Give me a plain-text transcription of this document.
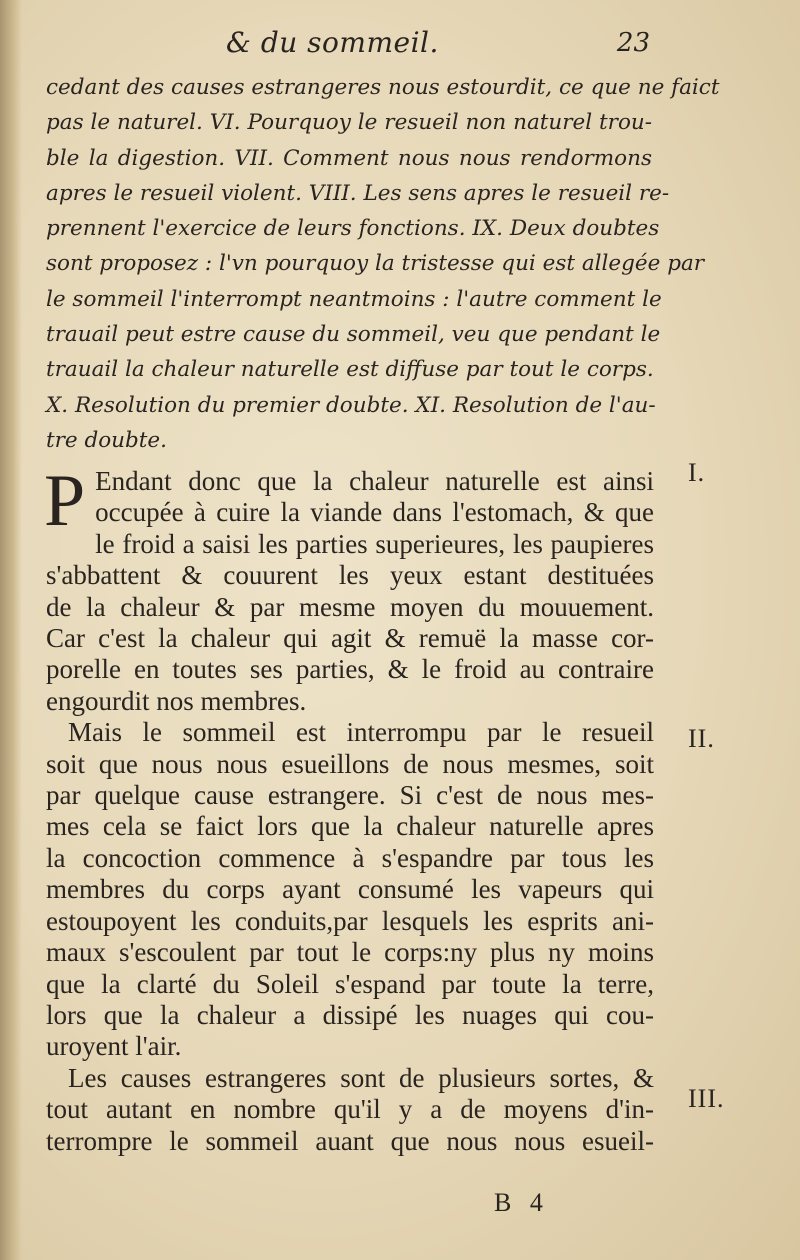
& du sommeil.	23
cedant des causes estrangeres nous estourdit, ce que ne faict
pas le naturel. VI. Pourquoy le resueil non naturel trou-
ble la digestion. VII. Comment nous nous rendormons
apres le resueil violent. VIII. Les sens apres le resueil re-
prennent l'exercice de leurs fonctions. IX. Deux doubtes
sont proposez : l'vn pourquoy la tristesse qui est allegée par
le sommeil l'interrompt neantmoins : l'autre comment le
trauail peut estre cause du sommeil, veu que pendant le
trauail la chaleur naturelle est diffuse par tout le corps.
X. Resolution du premier doubte. XI. Resolution de l'au-
tre doubte.
P Endant donc que la chaleur naturelle est ainsi
occupée à cuire la viande dans l'estomach, & que
le froid a saisi les parties superieures, les paupieres
s'abbattent & couurent les yeux estant destituées
de la chaleur & par mesme moyen du mouuement.
Car c'est la chaleur qui agit & remuë la masse cor-
porelle en toutes ses parties, & le froid au contraire
engourdit nos membres.
Mais le sommeil est interrompu par le resueil
soit que nous nous esueillons de nous mesmes, soit
par quelque cause estrangere. Si c'est de nous mes-
mes cela se faict lors que la chaleur naturelle apres
la concoction commence à s'espandre par tous les
membres du corps ayant consumé les vapeurs qui
estoupoyent les conduits,par lesquels les esprits ani-
maux s'escoulent par tout le corps:ny plus ny moins
que la clarté du Soleil s'espand par toute la terre,
lors que la chaleur a dissipé les nuages qui cou-
uroyent l'air.
Les causes estrangeres sont de plusieurs sortes, &
tout autant en nombre qu'il y a de moyens d'in-
terrompre le sommeil auant que nous nous esueil-
I.
II.
III.
B 4
